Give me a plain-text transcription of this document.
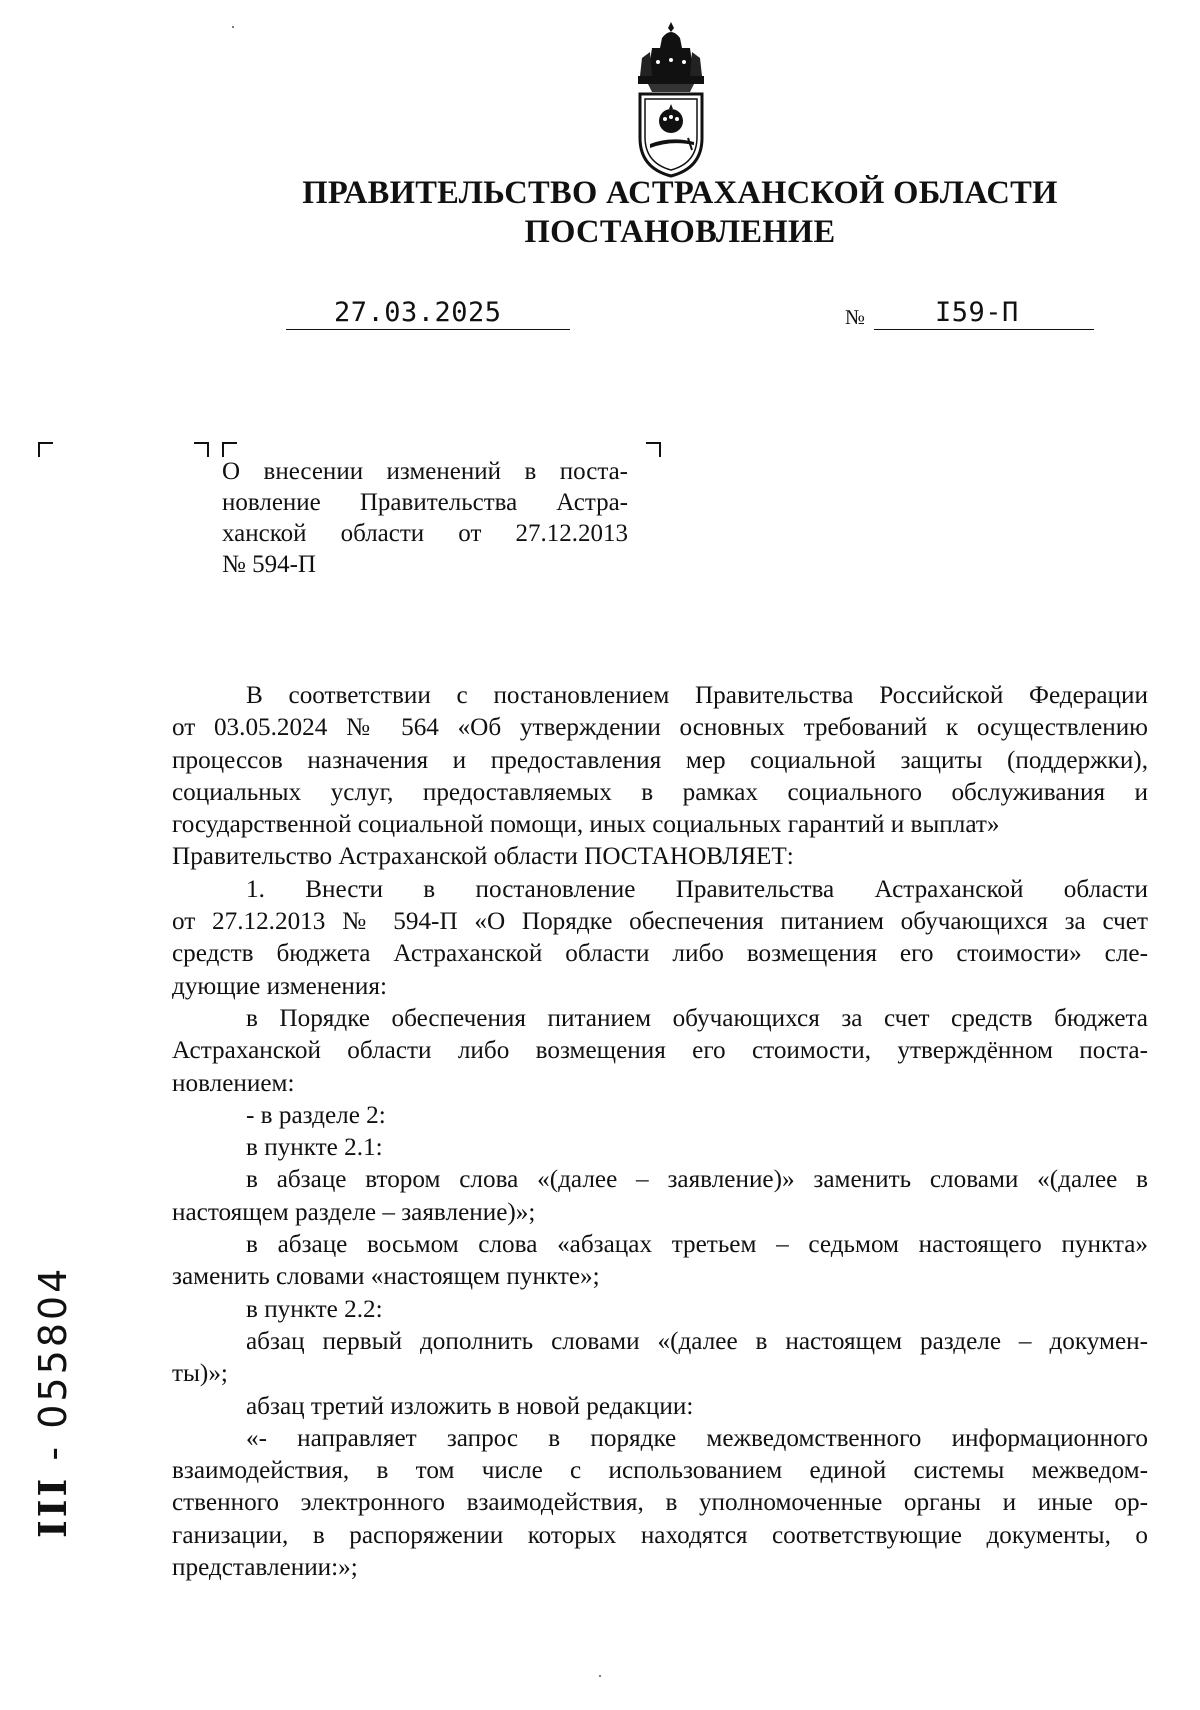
ПРАВИТЕЛЬСТВО АСТРАХАНСКОЙ ОБЛАСТИ
ПОСТАНОВЛЕНИЕ
27.03.2025	№	I59-П
О внесении изменений в поста-
новление Правительства Астра-
ханской области от 27.12.2013
№ 594-П
В соответствии с постановлением Правительства Российской Федерации
от 03.05.2024 № 564 «Об утверждении основных требований к осуществлению
процессов назначения и предоставления мер социальной защиты (поддержки),
социальных услуг, предоставляемых в рамках социального обслуживания и
государственной социальной помощи, иных социальных гарантий и выплат»
Правительство Астраханской области ПОСТАНОВЛЯЕТ:
1. Внести в постановление Правительства Астраханской области
от 27.12.2013 № 594-П «О Порядке обеспечения питанием обучающихся за счет
средств бюджета Астраханской области либо возмещения его стоимости» сле-
дующие изменения:
в Порядке обеспечения питанием обучающихся за счет средств бюджета
Астраханской области либо возмещения его стоимости, утверждённом поста-
новлением:
- в разделе 2:
в пункте 2.1:
в абзаце втором слова «(далее – заявление)» заменить словами «(далее в
настоящем разделе – заявление)»;
в абзаце восьмом слова «абзацах третьем – седьмом настоящего пункта»
заменить словами «настоящем пункте»;
в пункте 2.2:
абзац первый дополнить словами «(далее в настоящем разделе – докумен-
ты)»;
абзац третий изложить в новой редакции:
«- направляет запрос в порядке межведомственного информационного
взаимодействия, в том числе с использованием единой системы межведом-
ственного электронного взаимодействия, в уполномоченные органы и иные ор-
ганизации, в распоряжении которых находятся соответствующие документы, о
представлении:»;
III - 055804
